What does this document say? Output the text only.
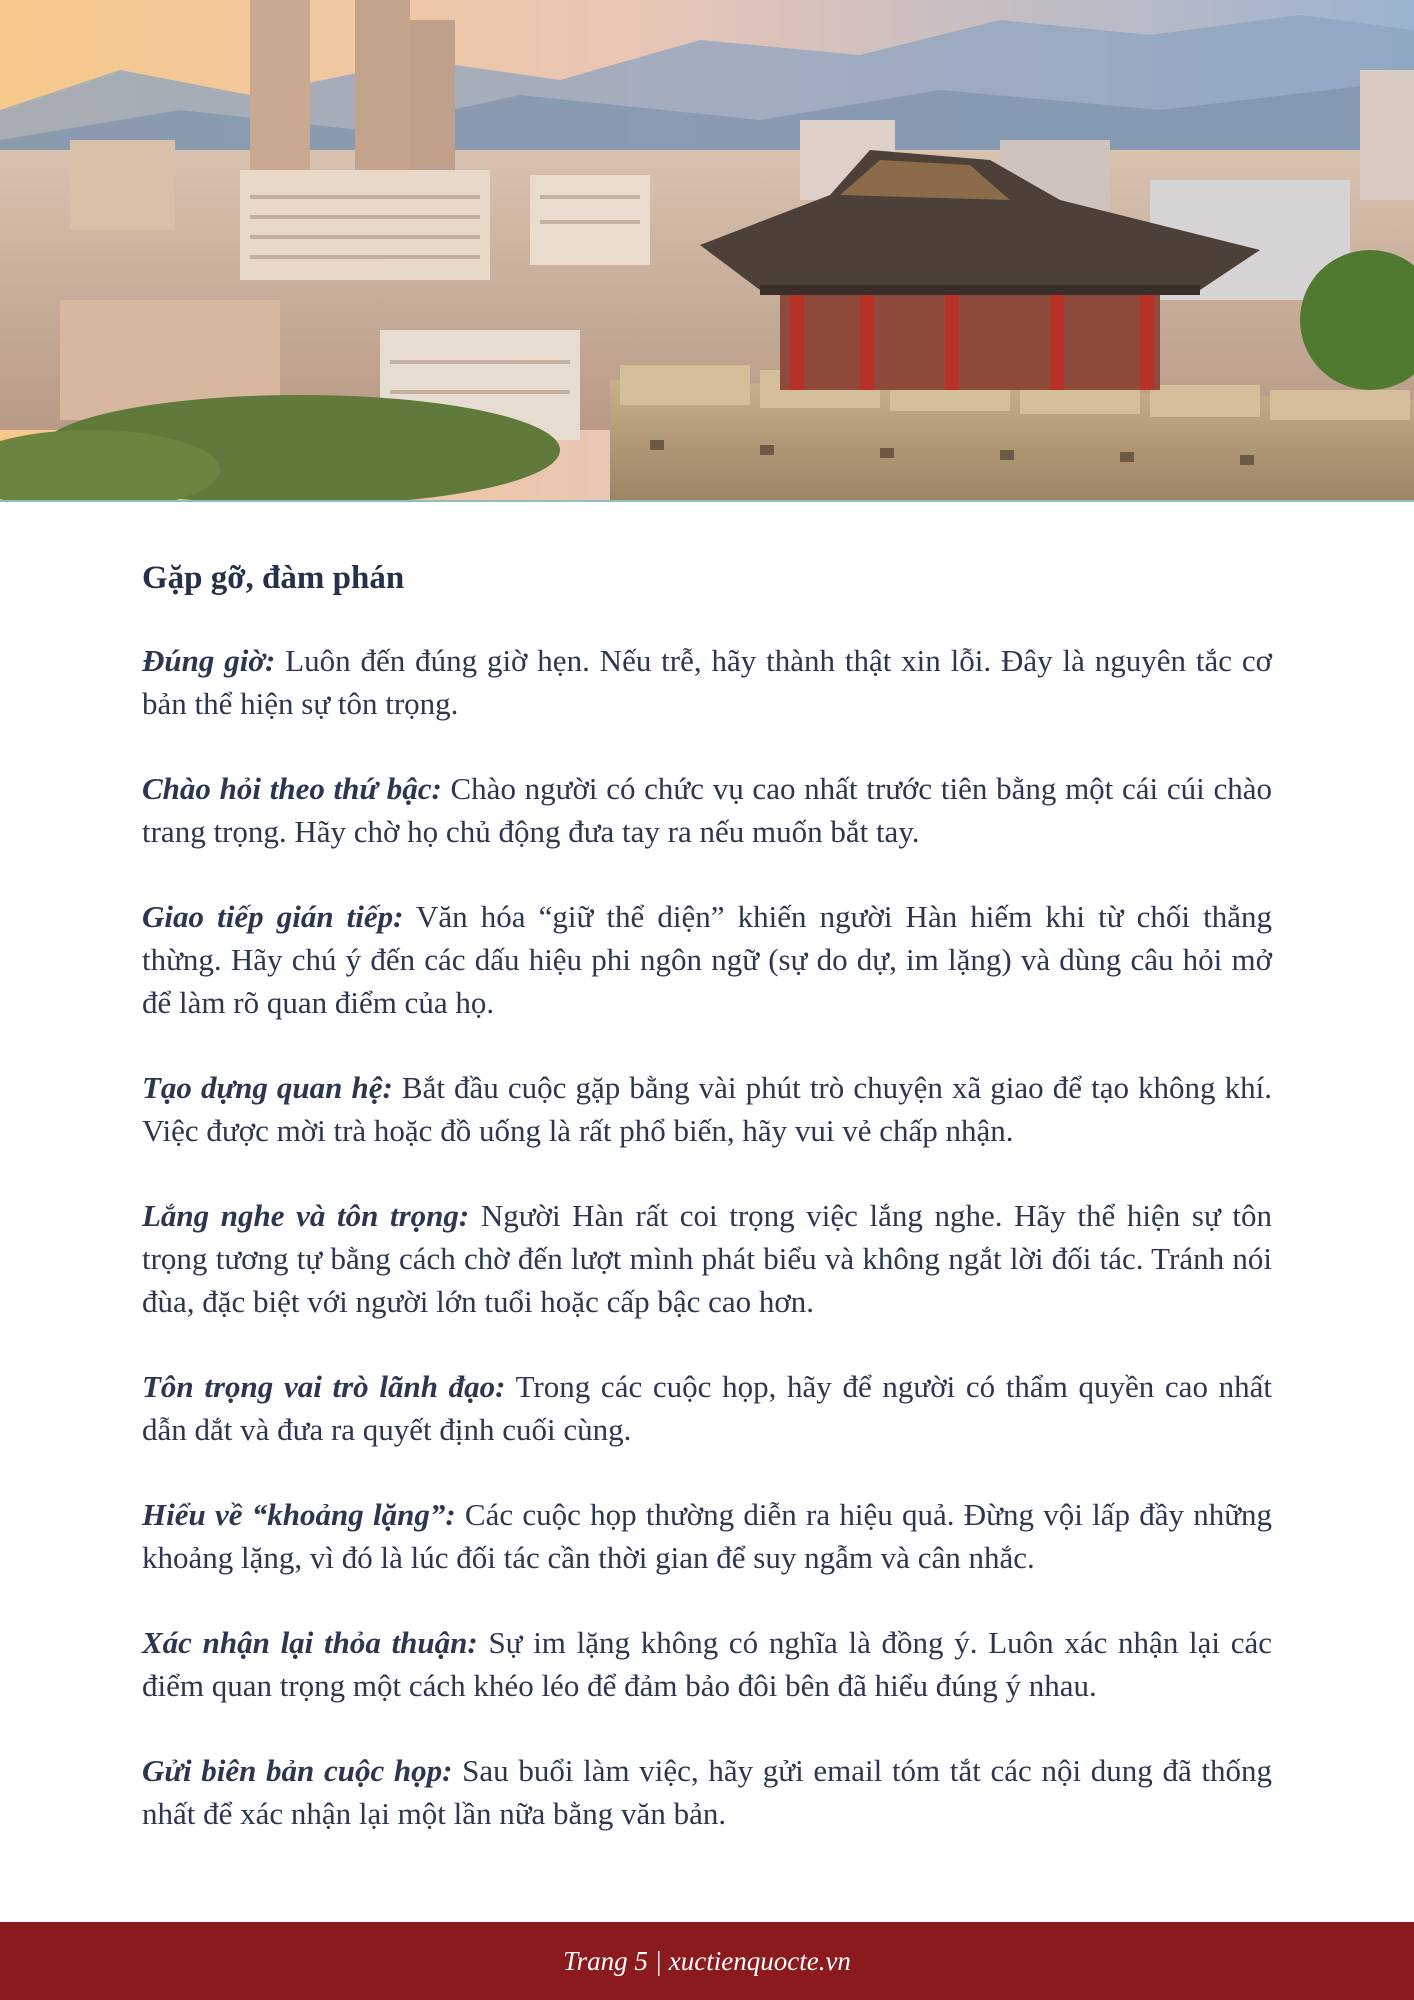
Gặp gỡ, đàm phán
Đúng giờ: Luôn đến đúng giờ hẹn. Nếu trễ, hãy thành thật xin lỗi. Đây là nguyên tắc cơ bản thể hiện sự tôn trọng.
Chào hỏi theo thứ bậc: Chào người có chức vụ cao nhất trước tiên bằng một cái cúi chào trang trọng. Hãy chờ họ chủ động đưa tay ra nếu muốn bắt tay.
Giao tiếp gián tiếp: Văn hóa “giữ thể diện” khiến người Hàn hiếm khi từ chối thẳng thừng. Hãy chú ý đến các dấu hiệu phi ngôn ngữ (sự do dự, im lặng) và dùng câu hỏi mở để làm rõ quan điểm của họ.
Tạo dựng quan hệ: Bắt đầu cuộc gặp bằng vài phút trò chuyện xã giao để tạo không khí. Việc được mời trà hoặc đồ uống là rất phổ biến, hãy vui vẻ chấp nhận.
Lắng nghe và tôn trọng: Người Hàn rất coi trọng việc lắng nghe. Hãy thể hiện sự tôn trọng tương tự bằng cách chờ đến lượt mình phát biểu và không ngắt lời đối tác. Tránh nói đùa, đặc biệt với người lớn tuổi hoặc cấp bậc cao hơn.
Tôn trọng vai trò lãnh đạo: Trong các cuộc họp, hãy để người có thẩm quyền cao nhất dẫn dắt và đưa ra quyết định cuối cùng.
Hiểu về “khoảng lặng”: Các cuộc họp thường diễn ra hiệu quả. Đừng vội lấp đầy những khoảng lặng, vì đó là lúc đối tác cần thời gian để suy ngẫm và cân nhắc.
Xác nhận lại thỏa thuận: Sự im lặng không có nghĩa là đồng ý. Luôn xác nhận lại các điểm quan trọng một cách khéo léo để đảm bảo đôi bên đã hiểu đúng ý nhau.
Gửi biên bản cuộc họp: Sau buổi làm việc, hãy gửi email tóm tắt các nội dung đã thống nhất để xác nhận lại một lần nữa bằng văn bản.
Trang 5 | xuctienquocte.vn
